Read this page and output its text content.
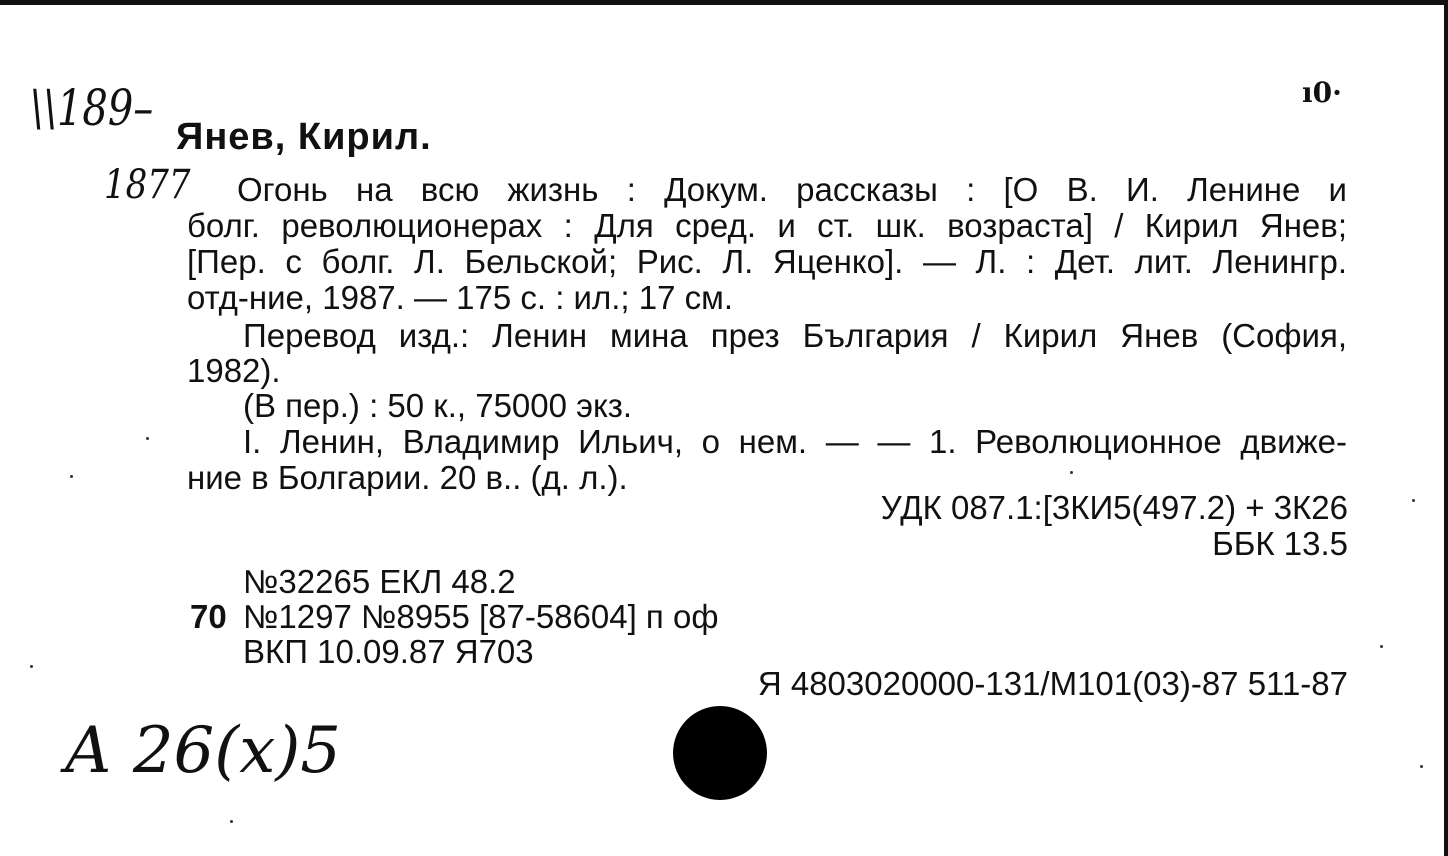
\\189–
1877
ı0·
А 26(x)5
Янев, Кирил.
Огонь на всю жизнь : Докум. рассказы : [О В. И. Ленине и
болг. революционерах : Для сред. и ст. шк. возраста] / Кирил Янев;
[Пер. с болг. Л. Бельской; Рис. Л. Яценко]. — Л. : Дет. лит. Ленингр.
отд-ние, 1987. — 175 с. : ил.; 17 см.
Перевод изд.: Ленин мина през България / Кирил Янев (София,
1982).
(В пер.) : 50 к., 75000 экз.
I. Ленин, Владимир Ильич, о нем. — — 1. Революционное движе-
ние в Болгарии. 20 в.. (д. л.).
УДК 087.1:[3КИ5(497.2) + 3К26
ББК 13.5
№32265 ЕКЛ 48.2
70 №1297 №8955 [87-58604] п оф
ВКП 10.09.87 Я703
Я 4803020000-131/М101(03)-87 511-87
